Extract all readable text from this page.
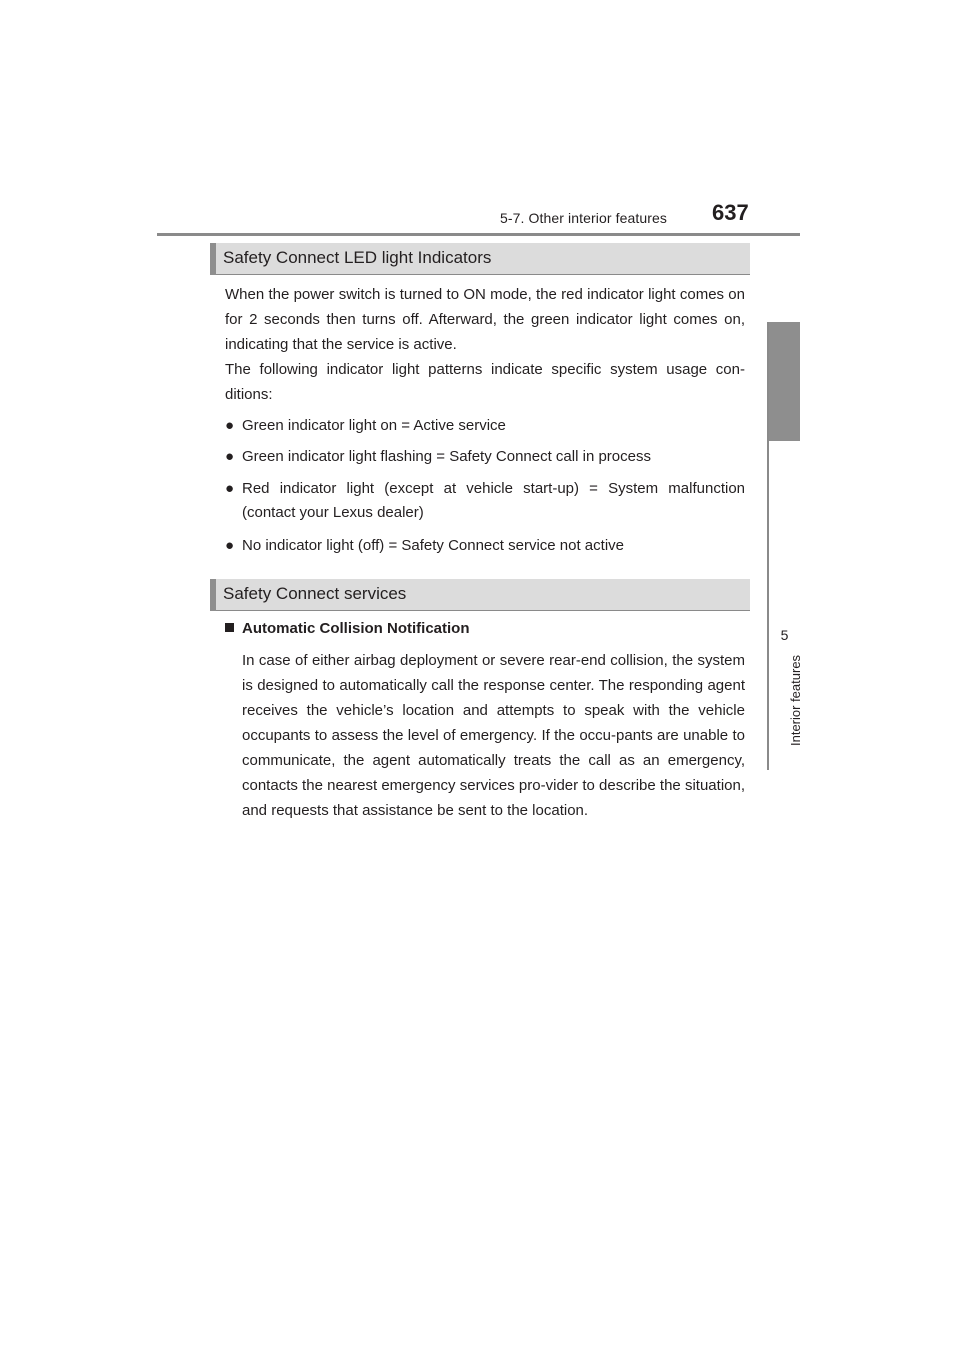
5-7. Other interior features 637
5
Interior features
Safety Connect LED light Indicators

When the power switch is turned to ON mode, the red indicator light comes on for 2 seconds then turns off. Afterward, the green indicator light comes on, indicating that the service is active.

The following indicator light patterns indicate specific system usage con-ditions:

● Green indicator light on = Active service
● Green indicator light flashing = Safety Connect call in process
● Red indicator light (except at vehicle start-up) = System malfunction (contact your Lexus dealer)
● No indicator light (off) = Safety Connect service not active
Safety Connect services
Automatic Collision Notification

In case of either airbag deployment or severe rear-end collision, the system is designed to automatically call the response center. The responding agent receives the vehicle’s location and attempts to speak with the vehicle occupants to assess the level of emergency. If the occu-pants are unable to communicate, the agent automatically treats the call as an emergency, contacts the nearest emergency services pro-vider to describe the situation, and requests that assistance be sent to the location.
